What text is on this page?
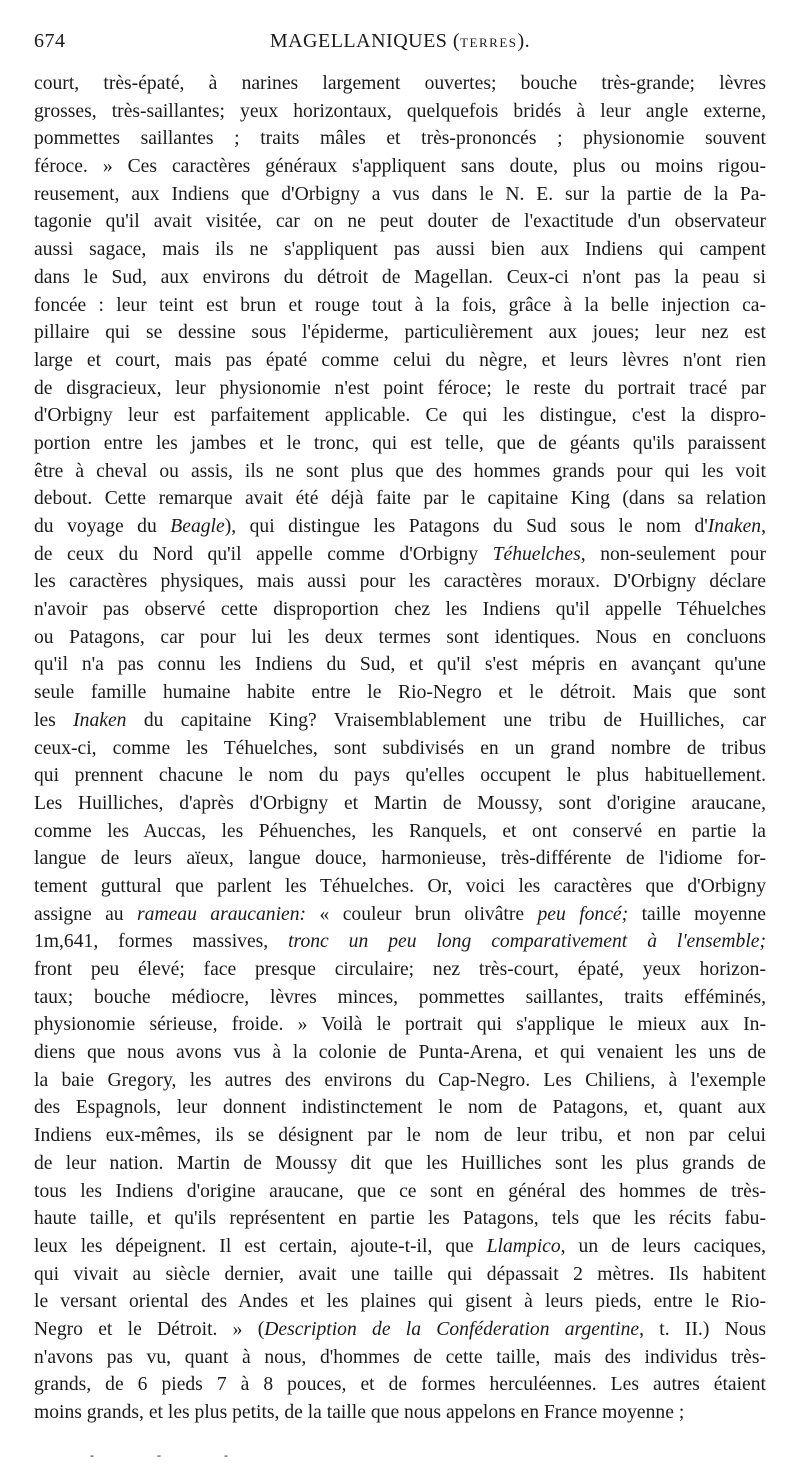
674	MAGELLANIQUES (TERRES).
court, très-épaté, à narines largement ouvertes; bouche très-grande; lèvres
grosses, très-saillantes; yeux horizontaux, quelquefois bridés à leur angle externe,
pommettes saillantes ; traits mâles et très-prononcés ; physionomie souvent
féroce. » Ces caractères généraux s'appliquent sans doute, plus ou moins rigou-
reusement, aux Indiens que d'Orbigny a vus dans le N. E. sur la partie de la Pa-
tagonie qu'il avait visitée, car on ne peut douter de l'exactitude d'un observateur
aussi sagace, mais ils ne s'appliquent pas aussi bien aux Indiens qui campent
dans le Sud, aux environs du détroit de Magellan. Ceux-ci n'ont pas la peau si
foncée : leur teint est brun et rouge tout à la fois, grâce à la belle injection ca-
pillaire qui se dessine sous l'épiderme, particulièrement aux joues; leur nez est
large et court, mais pas épaté comme celui du nègre, et leurs lèvres n'ont rien
de disgracieux, leur physionomie n'est point féroce; le reste du portrait tracé par
d'Orbigny leur est parfaitement applicable. Ce qui les distingue, c'est la dispro-
portion entre les jambes et le tronc, qui est telle, que de géants qu'ils paraissent
être à cheval ou assis, ils ne sont plus que des hommes grands pour qui les voit
debout. Cette remarque avait été déjà faite par le capitaine King (dans sa relation
du voyage du Beagle), qui distingue les Patagons du Sud sous le nom d'Inaken,
de ceux du Nord qu'il appelle comme d'Orbigny Téhuelches, non-seulement pour
les caractères physiques, mais aussi pour les caractères moraux. D'Orbigny déclare
n'avoir pas observé cette disproportion chez les Indiens qu'il appelle Téhuelches
ou Patagons, car pour lui les deux termes sont identiques. Nous en concluons
qu'il n'a pas connu les Indiens du Sud, et qu'il s'est mépris en avançant qu'une
seule famille humaine habite entre le Rio-Negro et le détroit. Mais que sont
les Inaken du capitaine King? Vraisemblablement une tribu de Huilliches, car
ceux-ci, comme les Téhuelches, sont subdivisés en un grand nombre de tribus
qui prennent chacune le nom du pays qu'elles occupent le plus habituellement.
Les Huilliches, d'après d'Orbigny et Martin de Moussy, sont d'origine araucane,
comme les Auccas, les Péhuenches, les Ranquels, et ont conservé en partie la
langue de leurs aïeux, langue douce, harmonieuse, très-différente de l'idiome for-
tement guttural que parlent les Téhuelches. Or, voici les caractères que d'Orbigny
assigne au rameau araucanien: « couleur brun olivâtre peu foncé; taille moyenne
1m,641, formes massives, tronc un peu long comparativement à l'ensemble;
front peu élevé; face presque circulaire; nez très-court, épaté, yeux horizon-
taux; bouche médiocre, lèvres minces, pommettes saillantes, traits efféminés,
physionomie sérieuse, froide. » Voilà le portrait qui s'applique le mieux aux In-
diens que nous avons vus à la colonie de Punta-Arena, et qui venaient les uns de
la baie Gregory, les autres des environs du Cap-Negro. Les Chiliens, à l'exemple
des Espagnols, leur donnent indistinctement le nom de Patagons, et, quant aux
Indiens eux-mêmes, ils se désignent par le nom de leur tribu, et non par celui
de leur nation. Martin de Moussy dit que les Huilliches sont les plus grands de
tous les Indiens d'origine araucane, que ce sont en général des hommes de très-
haute taille, et qu'ils représentent en partie les Patagons, tels que les récits fabu-
leux les dépeignent. Il est certain, ajoute-t-il, que Llampico, un de leurs caciques,
qui vivait au siècle dernier, avait une taille qui dépassait 2 mètres. Ils habitent
le versant oriental des Andes et les plaines qui gisent à leurs pieds, entre le Rio-
Negro et le Détroit. » (Description de la Conféderation argentine, t. II.) Nous
n'avons pas vu, quant à nous, d'hommes de cette taille, mais des individus très-
grands, de 6 pieds 7 à 8 pouces, et de formes herculéennes. Les autres étaient
moins grands, et les plus petits, de la taille que nous appelons en France moyenne ;
- - -
